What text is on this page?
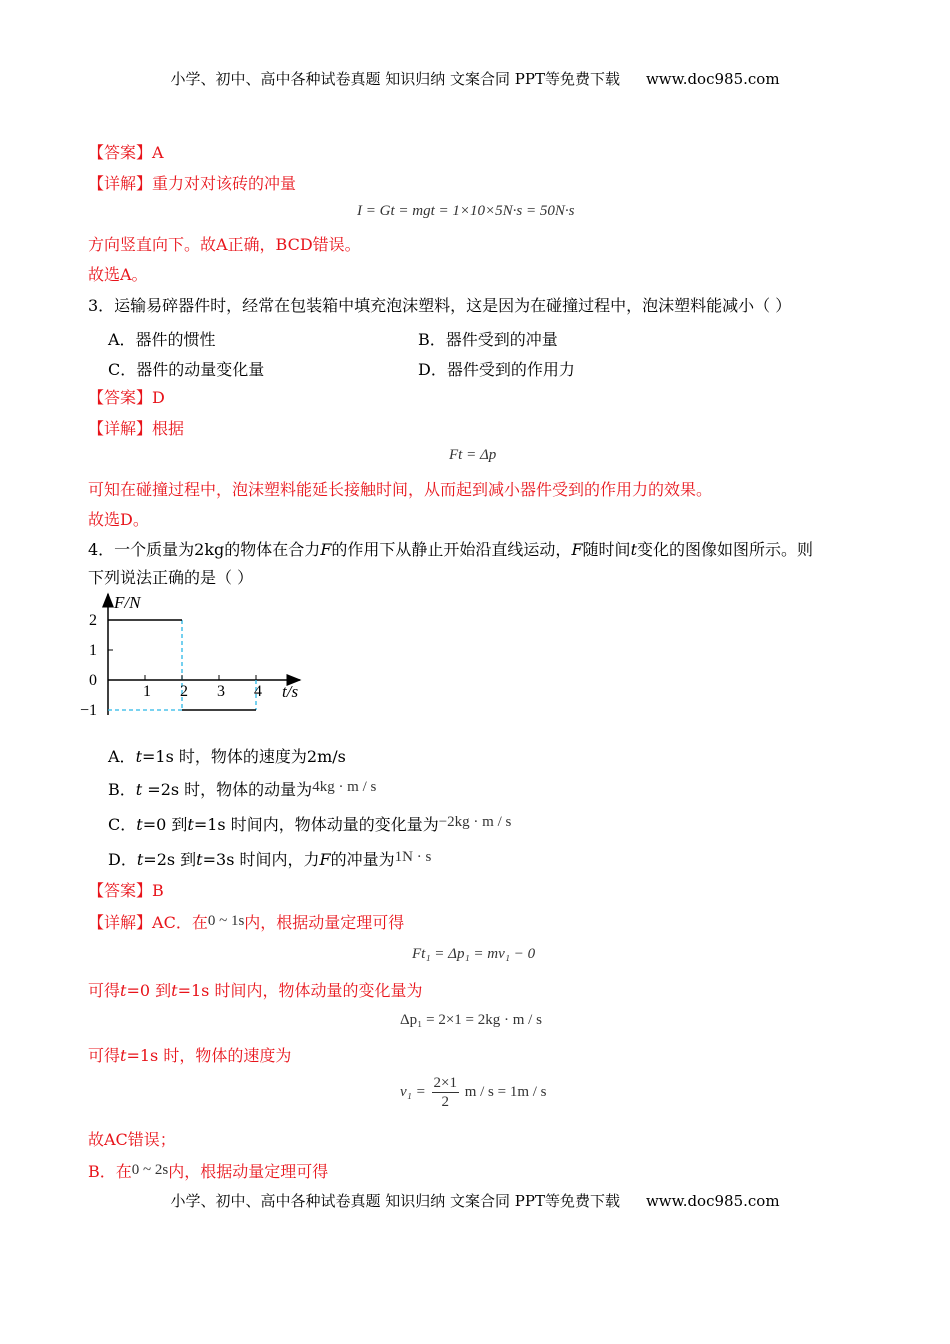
小学、初中、高中各种试卷真题 知识归纳 文案合同 PPT等免费下载 www.doc985.com
小学、初中、高中各种试卷真题 知识归纳 文案合同 PPT等免费下载 www.doc985.com
【答案】A
【详解】重力对对该砖的冲量
I = Gt = mgt = 1×10×5N·s = 50N·s
方向竖直向下。故A正确，BCD错误。
故选A。
3．运输易碎器件时，经常在包装箱中填充泡沫塑料，这是因为在碰撞过程中，泡沫塑料能减小（ ）
A．器件的惯性	B．器件受到的冲量
C．器件的动量变化量	D．器件受到的作用力
【答案】D
【详解】根据
Ft = Δp
可知在碰撞过程中，泡沫塑料能延长接触时间，从而起到减小器件受到的作用力的效果。
故选D。
4．一个质量为2kg的物体在合力F的作用下从静止开始沿直线运动，F随时间t变化的图像如图所示。则
下列说法正确的是（ ）
2
1
0
−1
1 2 3 4
F/N
t/s
A．t=1s 时，物体的速度为2m/s
B．t =2s 时，物体的动量为4kg · m / s
C．t=0 到t=1s 时间内，物体动量的变化量为−2kg · m / s
D．t=2s 到t=3s 时间内，力F的冲量为1N · s
【答案】B
【详解】AC．在0 ~ 1s内，根据动量定理可得
Ft₁ = Δp₁ = mv₁ − 0
可得t=0 到t=1s 时间内，物体动量的变化量为
Δp₁ = 2×1 = 2kg · m / s
可得t=1s 时，物体的速度为
$v_1 = \frac{2\times 1}{2}$ m / s = 1m / s
故AC错误；
B．在0 ~ 2s内，根据动量定理可得
